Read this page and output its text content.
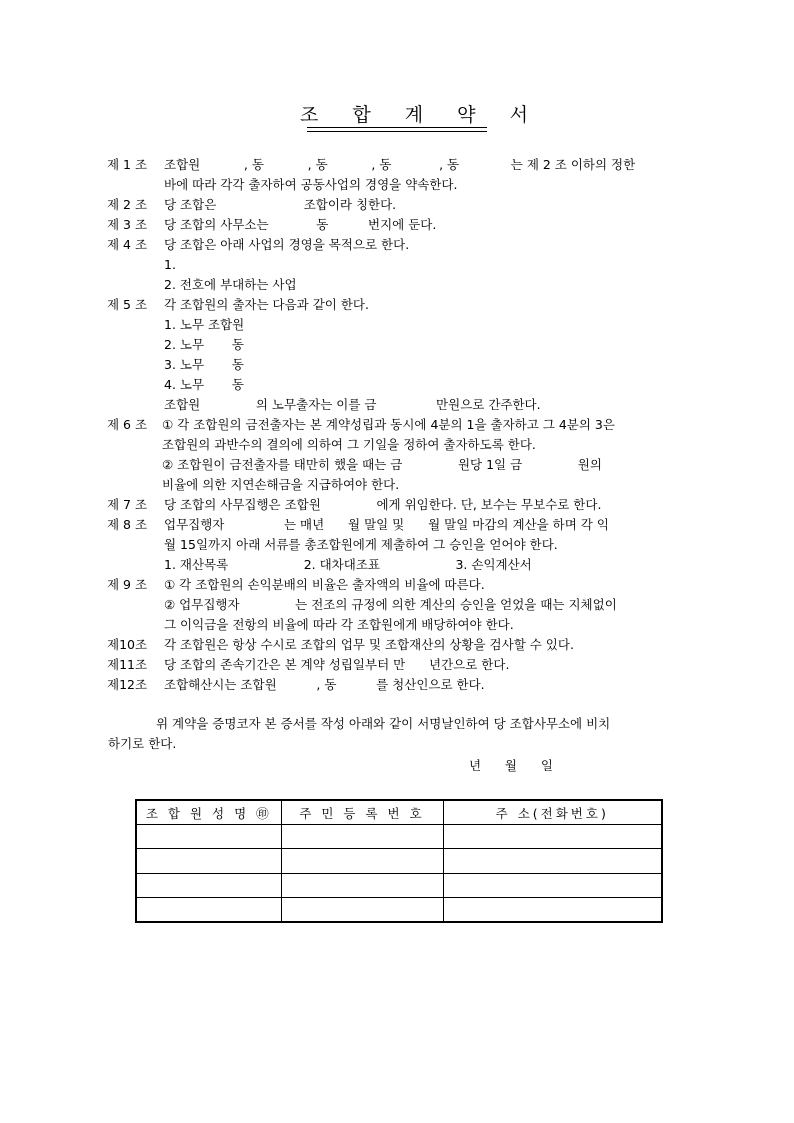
조 합 계 약 서
제 1 조 조합원           , 동           , 동           , 동            , 동             는 제 2 조 이하의 정한
바에 따라 각각 출자하여 공동사업의 경영을 약속한다.
제 2 조 당 조합은                      조합이라 칭한다.
제 3 조 당 조합의 사무소는            동          번지에 둔다.
제 4 조 당 조합은 아래 사업의 경영을 목적으로 한다.
1.
2. 전호에 부대하는 사업
제 5 조 각 조합원의 출자는 다음과 같이 한다.
1. 노무 조합원
2. 노무       동
3. 노무       동
4. 노무       동
조합원              의 노무출자는 이를 금               만원으로 간주한다.
제 6 조 ① 각 조합원의 금전출자는 본 계약성립과 동시에 4분의 1을 출자하고 그 4분의 3은
조합원의 과반수의 결의에 의하여 그 기일을 정하여 출자하도록 한다.
② 조합원이 금전출자를 태만히 했을 때는 금              원당 1일 금              원의
비율에 의한 지연손해금을 지급하여야 한다.
제 7 조 당 조합의 사무집행은 조합원              에게 위임한다. 단, 보수는 무보수로 한다.
제 8 조 업무집행자               는 매년      월 말일 및      월 말일 마감의 계산을 하며 각 익
월 15일까지 아래 서류를 총조합원에게 제출하여 그 승인을 얻어야 한다.
1. 재산목록                   2. 대차대조표                   3. 손익계산서
제 9 조 ① 각 조합원의 손익분배의 비율은 출자액의 비율에 따른다.
② 업무집행자              는 전조의 규정에 의한 계산의 승인을 얻었을 때는 지체없이
그 이익금을 전항의 비율에 따라 각 조합원에게 배당하여야 한다.
제10조 각 조합원은 항상 수시로 조합의 업무 및 조합재산의 상황을 검사할 수 있다.
제11조 당 조합의 존속기간은 본 계약 성립일부터 만      년간으로 한다.
제12조 조합해산시는 조합원          , 동          를 청산인으로 한다.
위 계약을 증명코자 본 증서를 작성 아래와 같이 서명날인하여 당 조합사무소에 비치
하기로 한다.
년      월      일
조 합 원 성 명 ㊞	주 민 등 록 번 호	주 소(전화번호)
